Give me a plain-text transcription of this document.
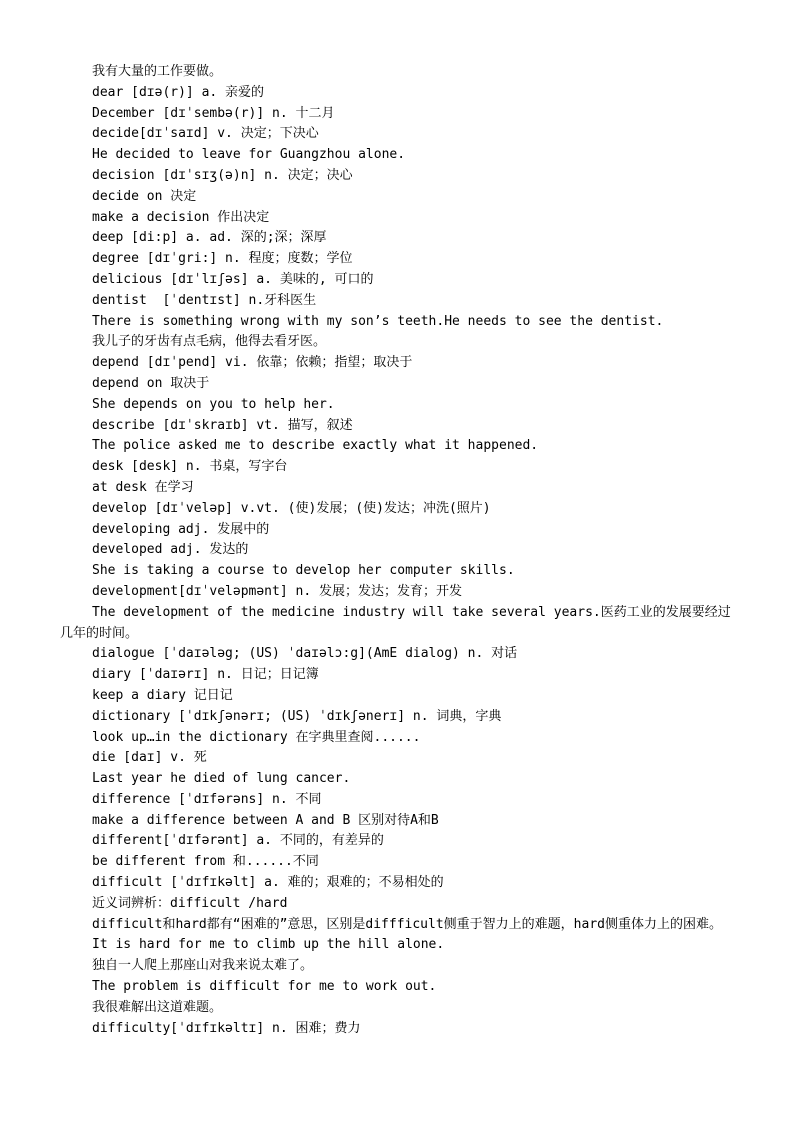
我有大量的工作要做。

dear [dɪə(r)] a. 亲爱的

December [dɪˈsembə(r)] n. 十二月

decide[dɪˈsaɪd] v. 决定；下决心

He decided to leave for Guangzhou alone.

decision [dɪˈsɪʒ(ə)n] n. 决定；决心

decide on 决定

make a decision 作出决定

deep [di:p] a. ad. 深的;深；深厚

degree [dɪˈgri:] n. 程度；度数；学位

delicious [dɪˈlɪʃəs] a. 美味的, 可口的

dentist  [ˈdentɪst] n.牙科医生

There is something wrong with my son’s teeth.He needs to see the dentist.

我儿子的牙齿有点毛病，他得去看牙医。

depend [dɪˈpend] vi. 依靠；依赖；指望；取决于

depend on 取决于

She depends on you to help her.

describe [dɪˈskraɪb] vt. 描写，叙述

The police asked me to describe exactly what it happened.

desk [desk] n. 书桌，写字台

at desk 在学习

develop [dɪˈveləp] v.vt. (使)发展；(使)发达；冲洗(照片)

developing adj. 发展中的

developed adj. 发达的

She is taking a course to develop her computer skills.

development[dɪˈveləpmənt] n. 发展；发达；发育；开发

The development of the medicine industry will take several years.医药工业的发展要经过几年的时间。

dialogue [ˈdaɪələg; (US) ˈdaɪəlɔ:g](AmE dialog) n. 对话

diary [ˈdaɪərɪ] n. 日记；日记簿

keep a diary 记日记

dictionary [ˈdɪkʃənərɪ; (US) ˈdɪkʃənerɪ] n. 词典，字典

look up…in the dictionary 在字典里查阅......

die [daɪ] v. 死

Last year he died of lung cancer.

difference [ˈdɪfərəns] n. 不同

make a difference between A and B 区别对待A和B

different[ˈdɪfərənt] a. 不同的，有差异的

be different from 和......不同

difficult [ˈdɪfɪkəlt] a. 难的；艰难的；不易相处的

近义词辨析：difficult /hard

difficult和hard都有“困难的”意思，区别是diffficult侧重于智力上的难题，hard侧重体力上的困难。

It is hard for me to climb up the hill alone.

独自一人爬上那座山对我来说太难了。

The problem is difficult for me to work out.

我很难解出这道难题。

difficulty[ˈdɪfɪkəltɪ] n. 困难；费力
